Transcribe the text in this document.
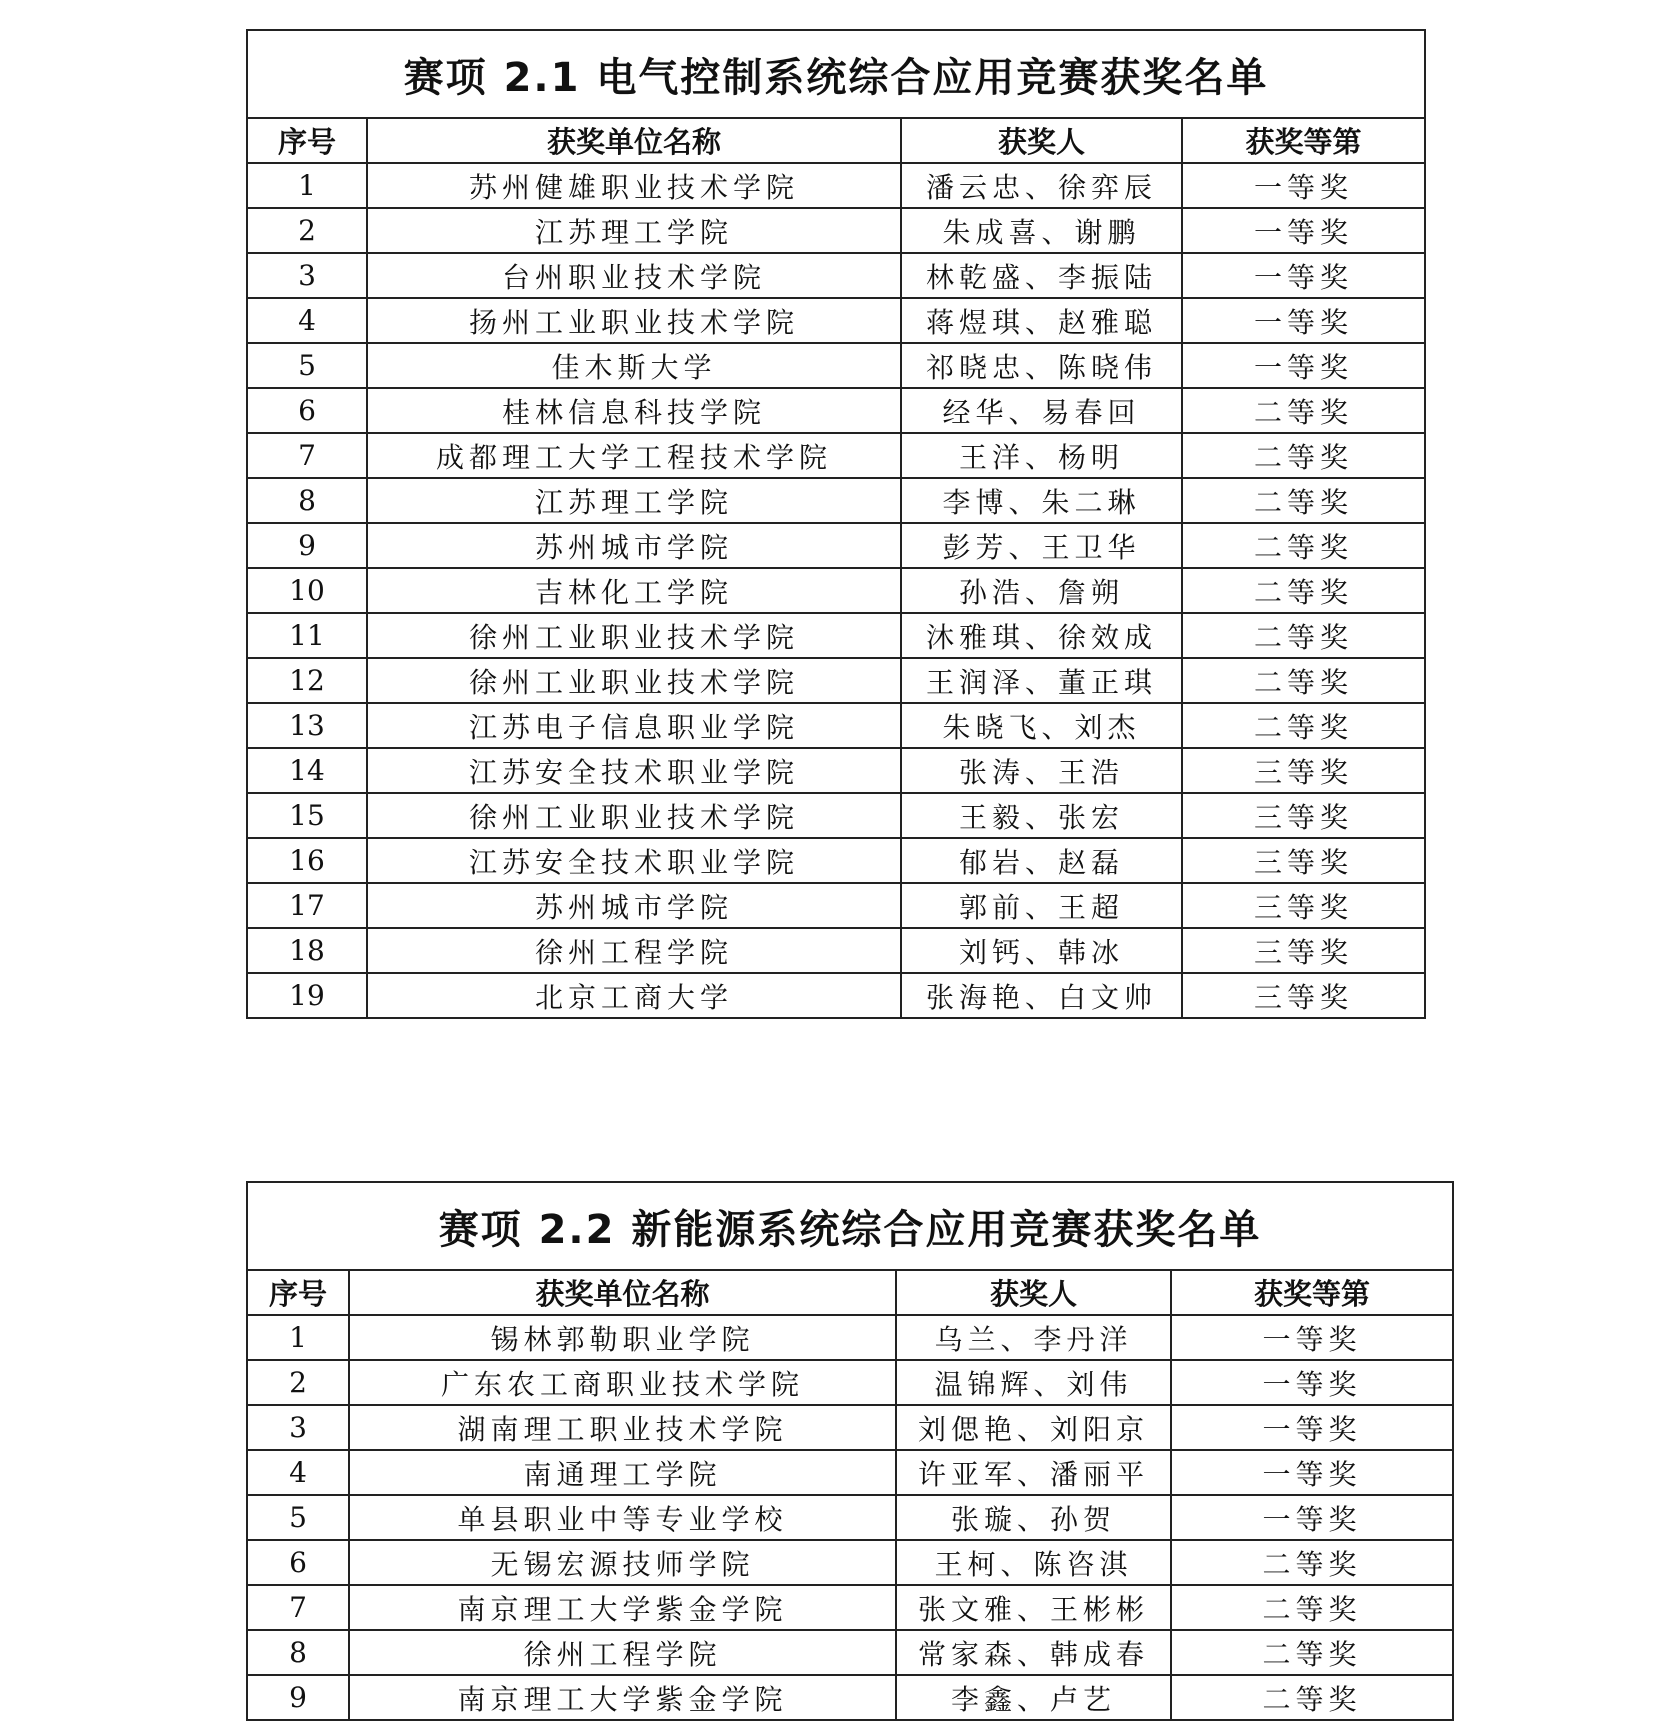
赛项 2.1 电气控制系统综合应用竞赛获奖名单			
序号	获奖单位名称	获奖人	获奖等第
1	苏州健雄职业技术学院	潘云忠、徐弈辰	一等奖
2	江苏理工学院	朱成喜、谢鹏	一等奖
3	台州职业技术学院	林乾盛、李振陆	一等奖
4	扬州工业职业技术学院	蒋煜琪、赵雅聪	一等奖
5	佳木斯大学	祁晓忠、陈晓伟	一等奖
6	桂林信息科技学院	经华、易春回	二等奖
7	成都理工大学工程技术学院	王洋、杨明	二等奖
8	江苏理工学院	李博、朱二琳	二等奖
9	苏州城市学院	彭芳、王卫华	二等奖
10	吉林化工学院	孙浩、詹朔	二等奖
11	徐州工业职业技术学院	沐雅琪、徐效成	二等奖
12	徐州工业职业技术学院	王润泽、董正琪	二等奖
13	江苏电子信息职业学院	朱晓飞、刘杰	二等奖
14	江苏安全技术职业学院	张涛、王浩	三等奖
15	徐州工业职业技术学院	王毅、张宏	三等奖
16	江苏安全技术职业学院	郁岩、赵磊	三等奖
17	苏州城市学院	郭前、王超	三等奖
18	徐州工程学院	刘钙、韩冰	三等奖
19	北京工商大学	张海艳、白文帅	三等奖
赛项 2.2 新能源系统综合应用竞赛获奖名单			
序号	获奖单位名称	获奖人	获奖等第
1	锡林郭勒职业学院	乌兰、李丹洋	一等奖
2	广东农工商职业技术学院	温锦辉、刘伟	一等奖
3	湖南理工职业技术学院	刘偲艳、刘阳京	一等奖
4	南通理工学院	许亚军、潘丽平	一等奖
5	单县职业中等专业学校	张璇、孙贺	一等奖
6	无锡宏源技师学院	王柯、陈咨淇	二等奖
7	南京理工大学紫金学院	张文雅、王彬彬	二等奖
8	徐州工程学院	常家森、韩成春	二等奖
9	南京理工大学紫金学院	李鑫、卢艺	二等奖
